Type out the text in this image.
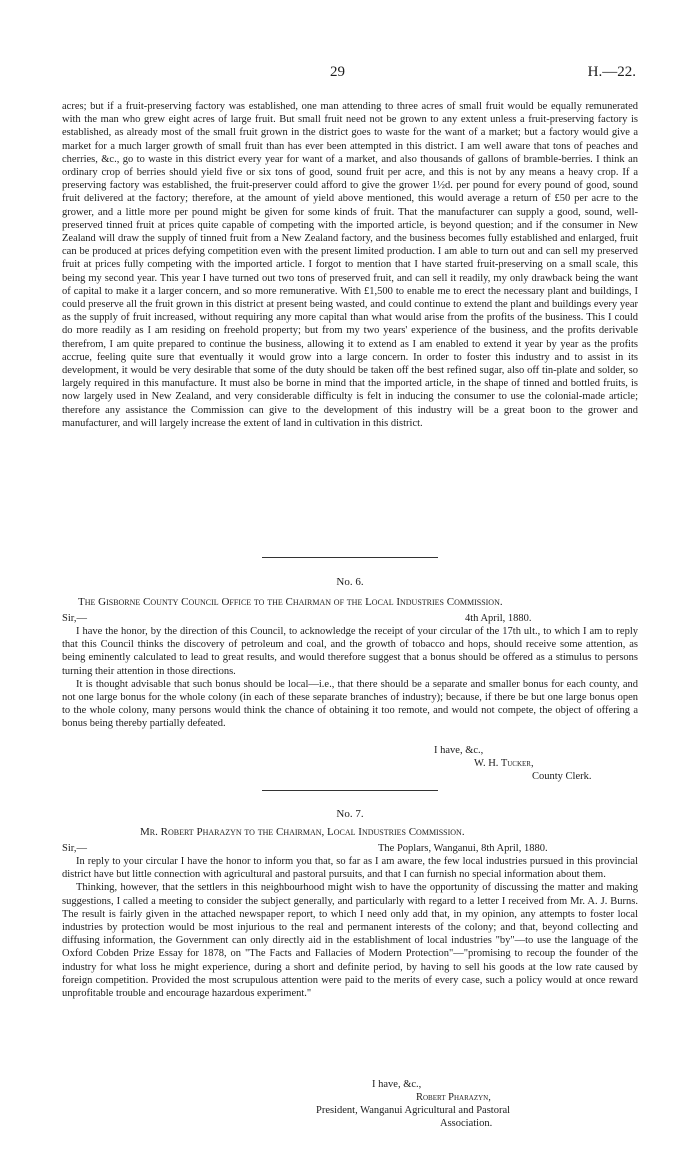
29	H.—22.

acres; but if a fruit-preserving factory was established, one man attending to three acres of small fruit would be equally remunerated with the man who grew eight acres of large fruit. But small fruit need not be grown to any extent unless a fruit-preserving factory is established, as already most of the small fruit grown in the district goes to waste for the want of a market; but a factory would give a market for a much larger growth of small fruit than has ever been attempted in this district. I am well aware that tons of peaches and cherries, &c., go to waste in this district every year for want of a market, and also thousands of gallons of bramble-berries. I think an ordinary crop of berries should yield five or six tons of good, sound fruit per acre, and this is not by any means a heavy crop. If a preserving factory was established, the fruit-preserver could afford to give the grower 1½d. per pound for every pound of good, sound fruit delivered at the factory; therefore, at the amount of yield above mentioned, this would average a return of £50 per acre to the grower, and a little more per pound might be given for some kinds of fruit. That the manufacturer can supply a good, sound, well-preserved tinned fruit at prices quite capable of competing with the imported article, is beyond question; and if the consumer in New Zealand will draw the supply of tinned fruit from a New Zealand factory, and the business becomes fully established and enlarged, fruit can be produced at prices defying competition even with the present limited production. I am able to turn out and can sell my preserved fruit at prices fully competing with the imported article. I forgot to mention that I have started fruit-preserving on a small scale, this being my second year. This year I have turned out two tons of preserved fruit, and can sell it readily, my only drawback being the want of capital to make it a larger concern, and so more remunerative. With £1,500 to enable me to erect the necessary plant and buildings, I could preserve all the fruit grown in this district at present being wasted, and could continue to extend the plant and buildings every year as the supply of fruit increased, without requiring any more capital than what would arise from the profits of the business. This I could do more readily as I am residing on freehold property; but from my two years' experience of the business, and the profits derivable therefrom, I am quite prepared to continue the business, allowing it to extend as I am enabled to extend it year by year as the profits accrue, feeling quite sure that eventually it would grow into a large concern. In order to foster this industry and to assist in its development, it would be very desirable that some of the duty should be taken off the best refined sugar, also off tin-plate and solder, so largely required in this manufacture. It must also be borne in mind that the imported article, in the shape of tinned and bottled fruits, is now largely used in New Zealand, and very considerable difficulty is felt in inducing the consumer to use the colonial-made article; therefore any assistance the Commission can give to the development of this industry will be a great boon to the grower and manufacturer, and will largely increase the extent of land in cultivation in this district.

No. 6.
The Gisborne County Council Office to the Chairman of the Local Industries Commission.
Sir,—	4th April, 1880.

I have the honor, by the direction of this Council, to acknowledge the receipt of your circular of the 17th ult., to which I am to reply that this Council thinks the discovery of petroleum and coal, and the growth of tobacco and hops, should receive some attention, as being eminently calculated to lead to great results, and would therefore suggest that a bonus should be offered as a stimulus to persons turning their attention in those directions.

It is thought advisable that such bonus should be local—i.e., that there should be a separate and smaller bonus for each county, and not one large bonus for the whole colony (in each of these separate branches of industry); because, if there be but one large bonus open to the whole colony, many persons would think the chance of obtaining it too remote, and would not compete, the object of offering a bonus being thereby partially defeated.

I have, &c.,
W. H. Tucker,
County Clerk.
No. 7.
Mr. Robert Pharazyn to the Chairman, Local Industries Commission.
Sir,—	The Poplars, Wanganui, 8th April, 1880.

In reply to your circular I have the honor to inform you that, so far as I am aware, the few local industries pursued in this provincial district have but little connection with agricultural and pastoral pursuits, and that I can furnish no special information about them.

Thinking, however, that the settlers in this neighbourhood might wish to have the opportunity of discussing the matter and making suggestions, I called a meeting to consider the subject generally, and particularly with regard to a letter I received from Mr. A. J. Burns. The result is fairly given in the attached newspaper report, to which I need only add that, in my opinion, any attempts to foster local industries by protection would be most injurious to the real and permanent interests of the colony; and that, beyond collecting and diffusing information, the Government can only directly aid in the establishment of local industries "by"—to use the language of the Oxford Cobden Prize Essay for 1878, on "The Facts and Fallacies of Modern Protection"—"promising to recoup the founder of the industry for what loss he might experience, during a short and definite period, by having to sell his goods at the low rate caused by foreign competition. Provided the most scrupulous attention were paid to the merits of every case, such a policy would at once reward unprofitable trouble and encourage hazardous experiment."

I have, &c.,
Robert Pharazyn,
President, Wanganui Agricultural and Pastoral
Association.
